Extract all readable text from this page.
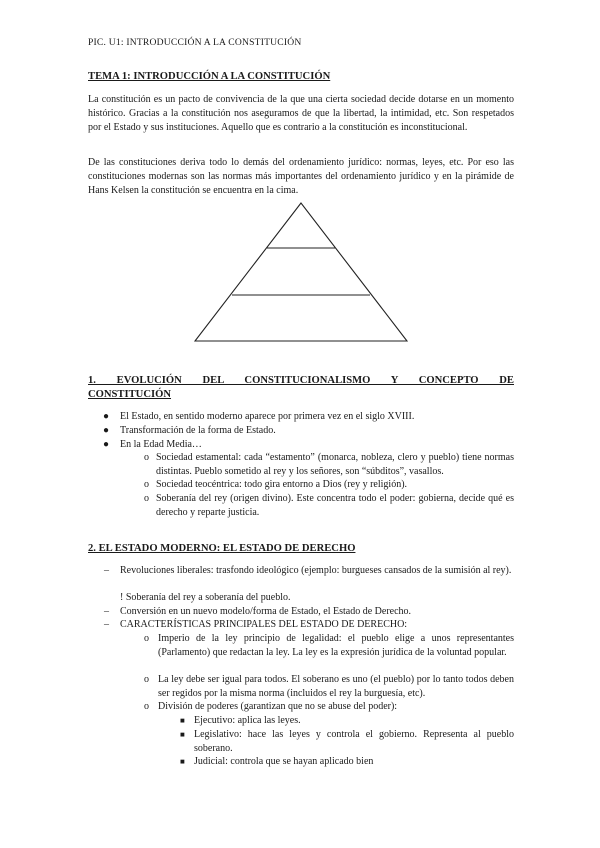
PIC. U1: INTRODUCCIÓN A LA CONSTITUCIÓN
TEMA 1: INTRODUCCIÓN A LA CONSTITUCIÓN

La constitución es un pacto de convivencia de la que una cierta sociedad decide dotarse en un momento histórico. Gracias a la constitución nos aseguramos de que la libertad, la intimidad, etc. Son respetados por el Estado y sus instituciones. Aquello que es contrario a la constitución es inconstitucional.

De las constituciones deriva todo lo demás del ordenamiento jurídico: normas, leyes, etc. Por eso las constituciones modernas son las normas más importantes del ordenamiento jurídico y en la pirámide de Hans Kelsen la constitución se encuentra en la cima.

1. EVOLUCIÓN DEL CONSTITUCIONALISMO Y CONCEPTO DE

CONSTITUCIÓN

● El Estado, en sentido moderno aparece por primera vez en el siglo XVIII.

● Transformación de la forma de Estado.

● En la Edad Media…

o Sociedad estamental: cada “estamento” (monarca, nobleza, clero y pueblo) tiene normas distintas. Pueblo sometido al rey y los señores, son “súbditos”, vasallos.

o Sociedad teocéntrica: todo gira entorno a Dios (rey y religión).

o Soberanía del rey (origen divino). Este concentra todo el poder: gobierna, decide qué es derecho y reparte justicia.

2. EL ESTADO MODERNO: EL ESTADO DE DERECHO

– Revoluciones liberales: trasfondo ideológico (ejemplo: burgueses cansados de la sumisión al rey).

! Soberanía del rey a soberanía del pueblo.

– Conversión en un nuevo modelo/forma de Estado, el Estado de Derecho.

– CARACTERÍSTICAS PRINCIPALES DEL ESTADO DE DERECHO:

o Imperio de la ley principio de legalidad: el pueblo elige a unos representantes (Parlamento) que redactan la ley. La ley es la expresión jurídica de la voluntad popular.

o La ley debe ser igual para todos. El soberano es uno (el pueblo) por lo tanto todos deben ser regidos por la misma norma (incluidos el rey la burguesía, etc).

o División de poderes (garantizan que no se abuse del poder):

■ Ejecutivo: aplica las leyes.

■ Legislativo: hace las leyes y controla el gobierno. Representa al pueblo soberano.

■ Judicial: controla que se hayan aplicado bien
